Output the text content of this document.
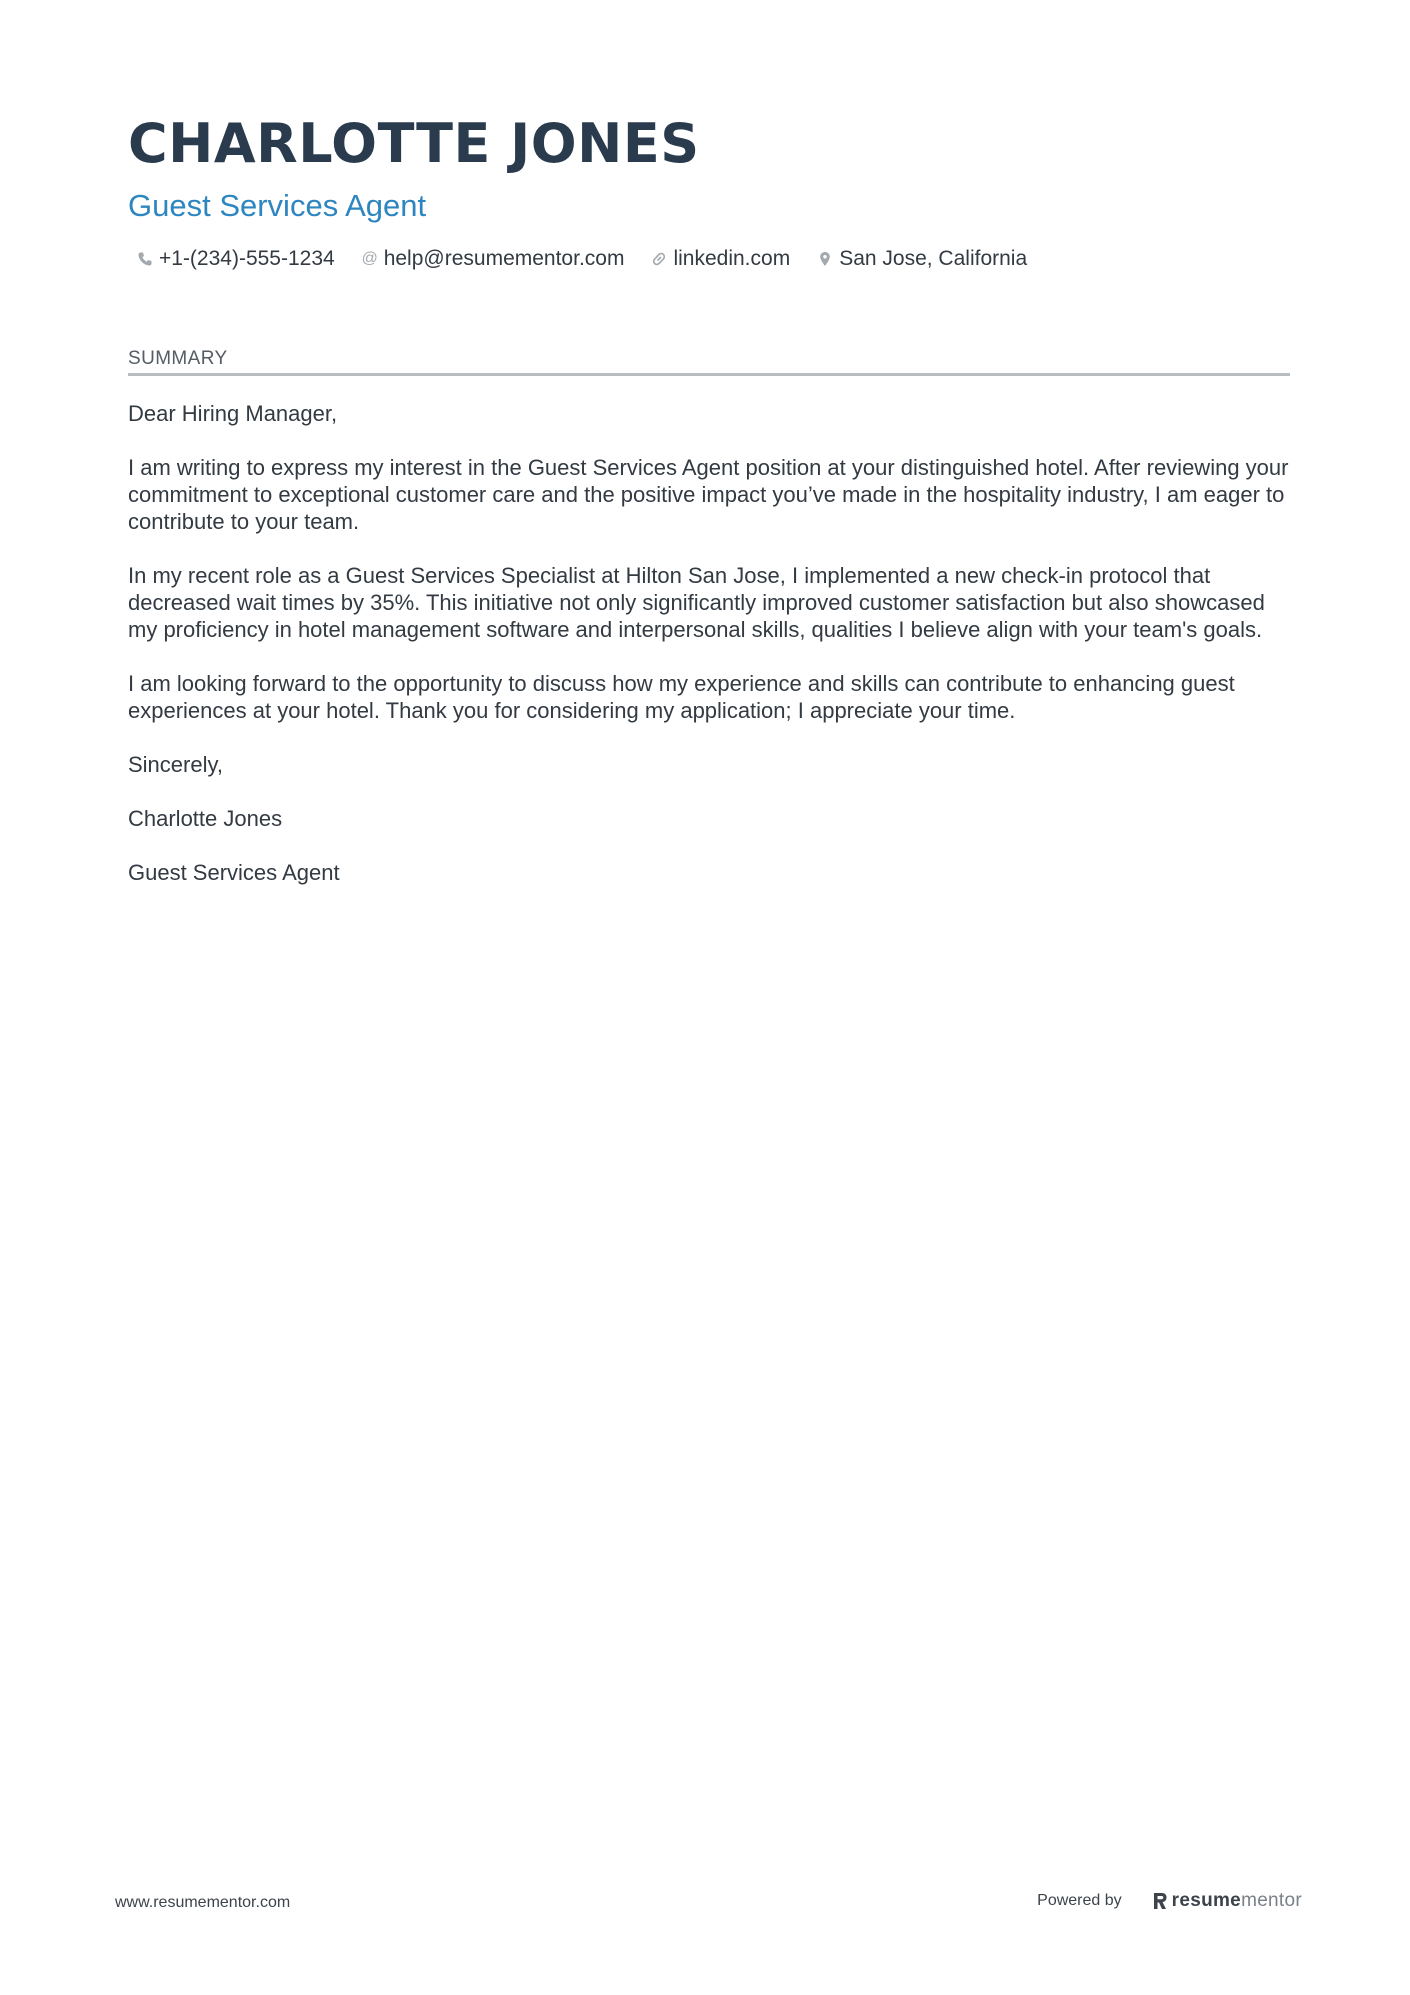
CHARLOTTE JONES
Guest Services Agent
+1-(234)-555-1234 @ help@resumementor.com linkedin.com San Jose, California
SUMMARY

Dear Hiring Manager,

I am writing to express my interest in the Guest Services Agent position at your distinguished hotel. After reviewing your commitment to exceptional customer care and the positive impact you’ve made in the hospitality industry, I am eager to contribute to your team.

In my recent role as a Guest Services Specialist at Hilton San Jose, I implemented a new check-in protocol that decreased wait times by 35%. This initiative not only significantly improved customer satisfaction but also showcased my proficiency in hotel management software and interpersonal skills, qualities I believe align with your team's goals.

I am looking forward to the opportunity to discuss how my experience and skills can contribute to enhancing guest experiences at your hotel. Thank you for considering my application; I appreciate your time.

Sincerely,

Charlotte Jones

Guest Services Agent

www.resumementor.com	Powered by	resume mentor
